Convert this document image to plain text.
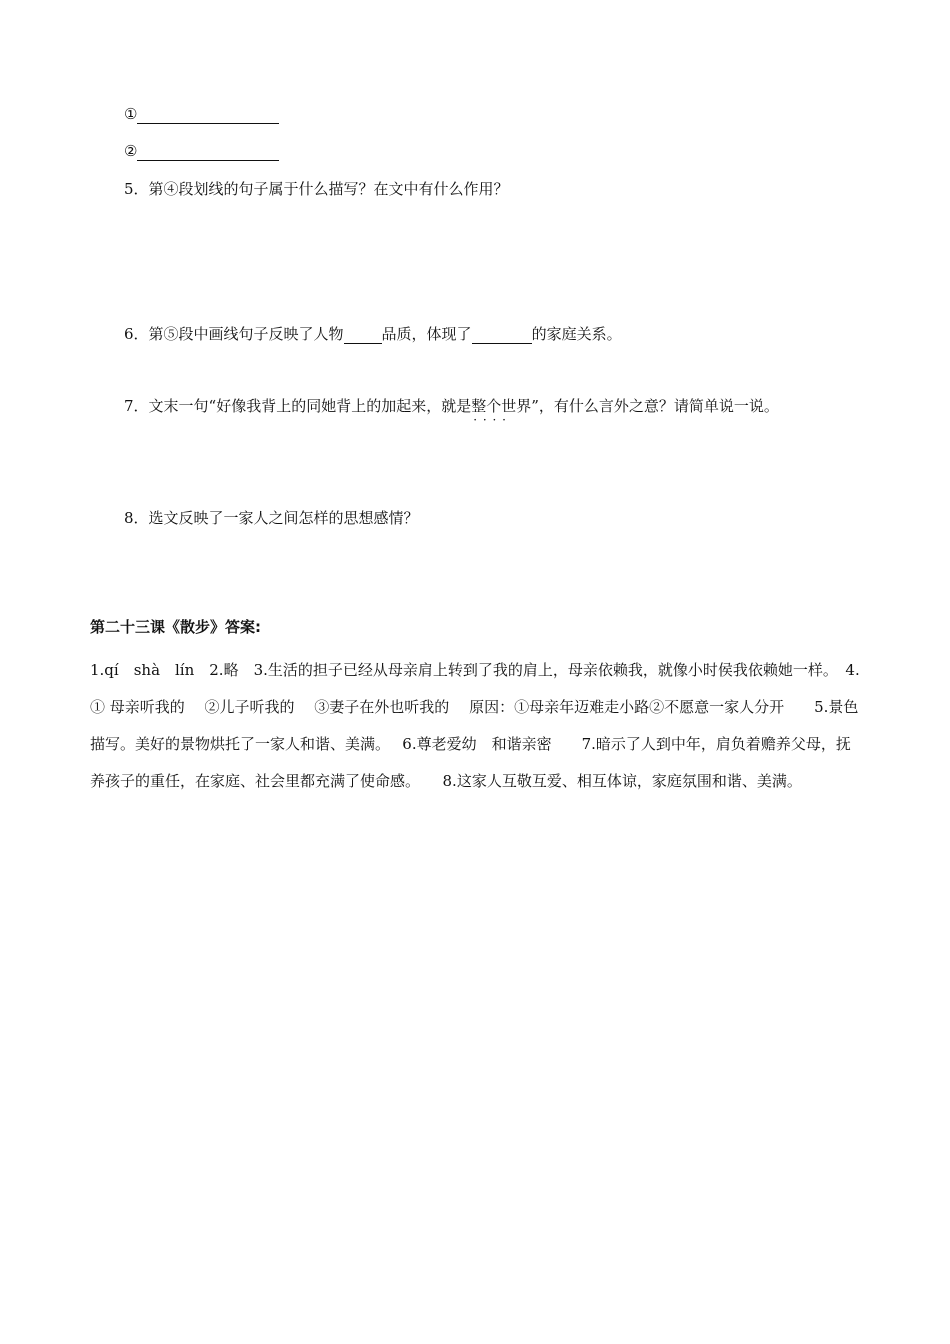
①
②
5．第④段划线的句子属于什么描写？在文中有什么作用？
6．第⑤段中画线句子反映了人物	品质，体现了	的家庭关系。
7．文末一句“好像我背上的同她背上的加起来，就是整个世界 · ·”，有什么言外之意？请简单说一说。
8．选文反映了一家人之间怎样的思想感情？
第二十三课《散步》答案:
1.qí　shà　lín　2.略　3.生活的担子已经从母亲肩上转到了我的肩上，母亲依赖我，就像小时侯我依赖她一样。　4. ① 母亲听我的　 ②儿子听我的　 ③妻子在外也听我的　 原因：①母亲年迈难走小路②不愿意一家人分开　　5.景色描写。美好的景物烘托了一家人和谐、美满。　 6.尊老爱幼　和谐亲密　　7.暗示了人到中年，肩负着赡养父母，抚养孩子的重任，在家庭、社会里都充满了使命感。　　8.这家人互敬互爱、相互体谅，家庭氛围和谐、美满。
